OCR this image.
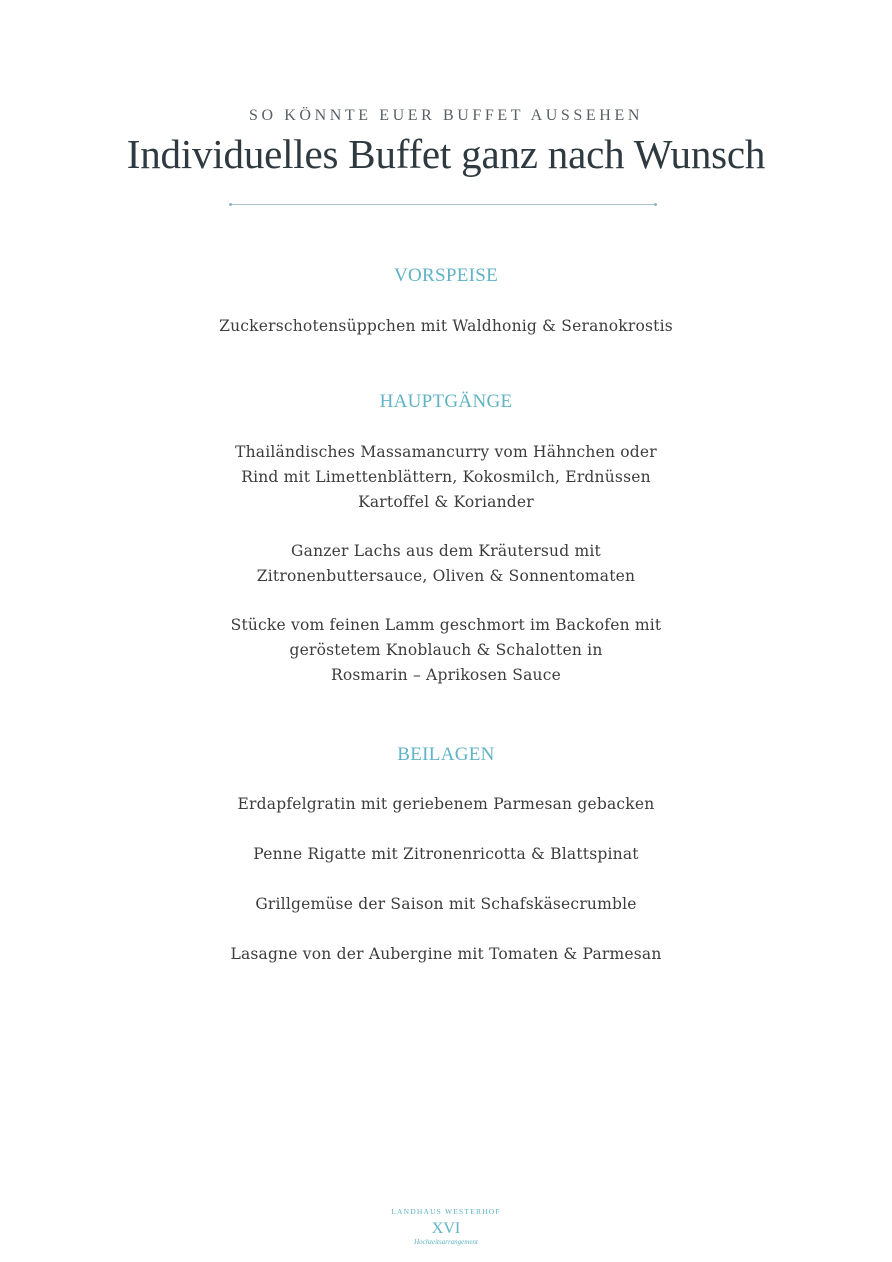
SO KÖNNTE EUER BUFFET AUSSEHEN
Individuelles Buffet ganz nach Wunsch
VORSPEISE
Zuckerschotensüppchen mit Waldhonig & Seranokrostis
HAUPTGÄNGE
Thailändisches Massamancurry vom Hähnchen oder
Rind mit Limettenblättern, Kokosmilch, Erdnüssen
Kartoffel & Koriander
Ganzer Lachs aus dem Kräutersud mit
Zitronenbuttersauce, Oliven & Sonnentomaten
Stücke vom feinen Lamm geschmort im Backofen mit
geröstetem Knoblauch & Schalotten in
Rosmarin – Aprikosen Sauce
BEILAGEN
Erdapfelgratin mit geriebenem Parmesan gebacken
Penne Rigatte mit Zitronenricotta & Blattspinat
Grillgemüse der Saison mit Schafskäsecrumble
Lasagne von der Aubergine mit Tomaten & Parmesan
LANDHAUS WESTERHOF
XVI
Hochzeitsarrangement
